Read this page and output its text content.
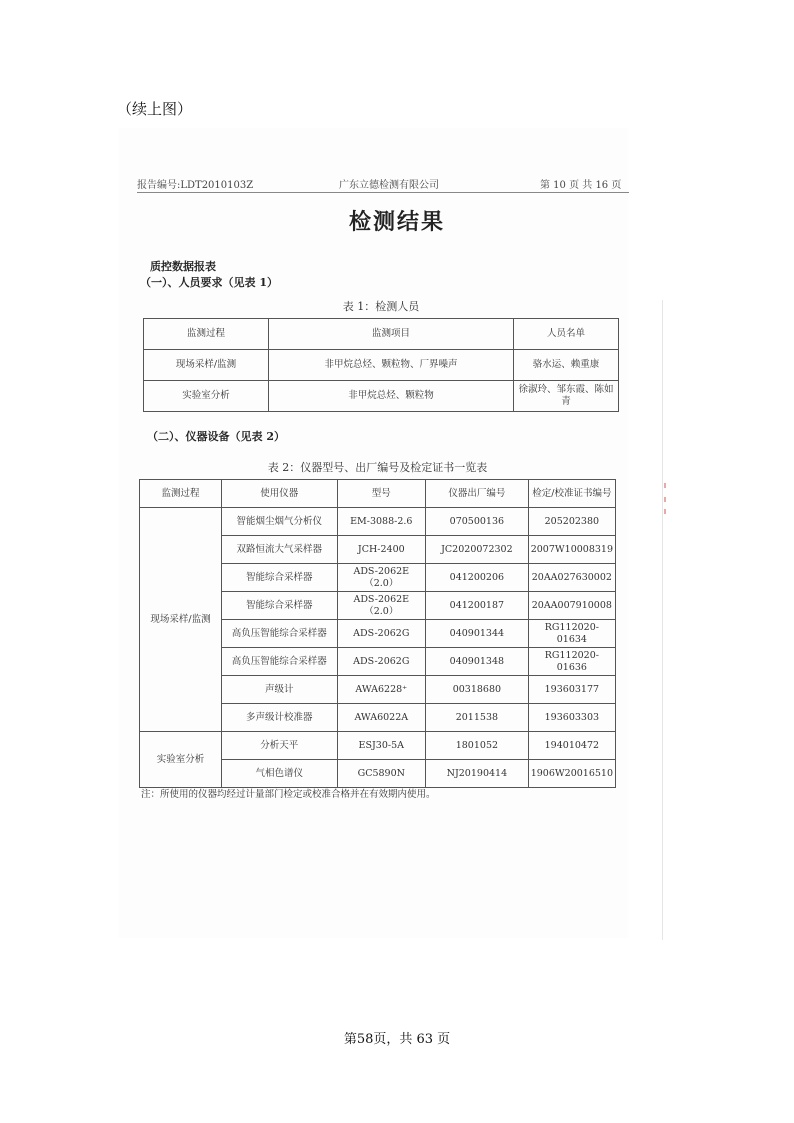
（续上图）
报告编号:LDT2010103Z	广东立德检测有限公司	第 10 页 共 16 页
检测结果
质控数据报表
（一）、人员要求（见表 1）
表 1：检测人员
监测过程	监测项目	人员名单
现场采样/监测	非甲烷总烃、颗粒物、厂界噪声	骆水运、赖重康
实验室分析	非甲烷总烃、颗粒物	徐淑玲、邹东霞、陈如青
（二）、仪器设备（见表 2）
表 2：仪器型号、出厂编号及检定证书一览表
监测过程	使用仪器	型号	仪器出厂编号	检定/校准证书编号
现场采样/监测	智能烟尘烟气分析仪	EM-3088-2.6	070500136	205202380
	双路恒流大气采样器	JCH-2400	JC2020072302	2007W10008319
	智能综合采样器	ADS-2062E（2.0）	041200206	20AA027630002
	智能综合采样器	ADS-2062E（2.0）	041200187	20AA007910008
	高负压智能综合采样器	ADS-2062G	040901344	RG112020-01634
	高负压智能综合采样器	ADS-2062G	040901348	RG112020-01636
	声级计	AWA6228⁺	00318680	193603177
	多声级计校准器	AWA6022A	2011538	193603303
实验室分析	分析天平	ESJ30-5A	1801052	194010472
	气相色谱仪	GC5890N	NJ20190414	1906W20016510
注：所使用的仪器均经过计量部门检定或校准合格并在有效期内使用。
第58页，共 63 页
